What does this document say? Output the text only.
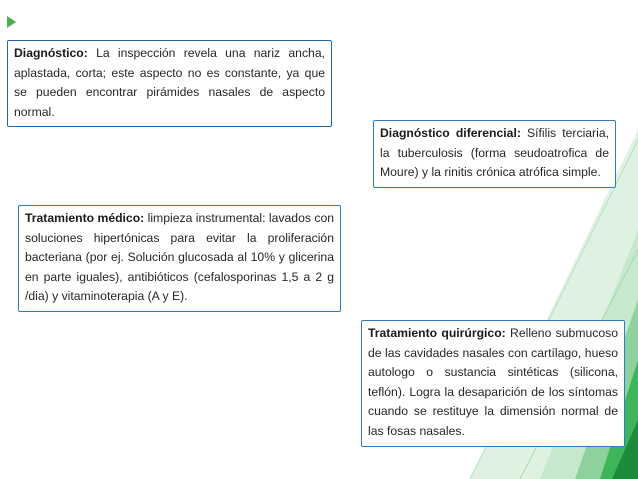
Diagnóstico: La inspección revela una nariz ancha, aplastada, corta; este aspecto no es constante, ya que se pueden encontrar pirámides nasales de aspecto normal.
Diagnóstico diferencial: Sífilis terciaria, la tuberculosis (forma seudoatrofica de Moure) y la rinitis crónica atrófica simple.
Tratamiento médico: limpieza instrumental: lavados con soluciones hipertónicas para evitar la proliferación bacteriana (por ej. Solución glucosada al 10% y glicerina en parte iguales), antibióticos (cefalosporinas 1,5 a 2 g /dia) y vitaminoterapia (A y E).
Tratamiento quirúrgico: Relleno submucoso de las cavidades nasales con cartílago, hueso autologo o sustancia sintéticas (silicona, teflón). Logra la desaparición de los síntomas cuando se restituye la dimensión normal de las fosas nasales.
